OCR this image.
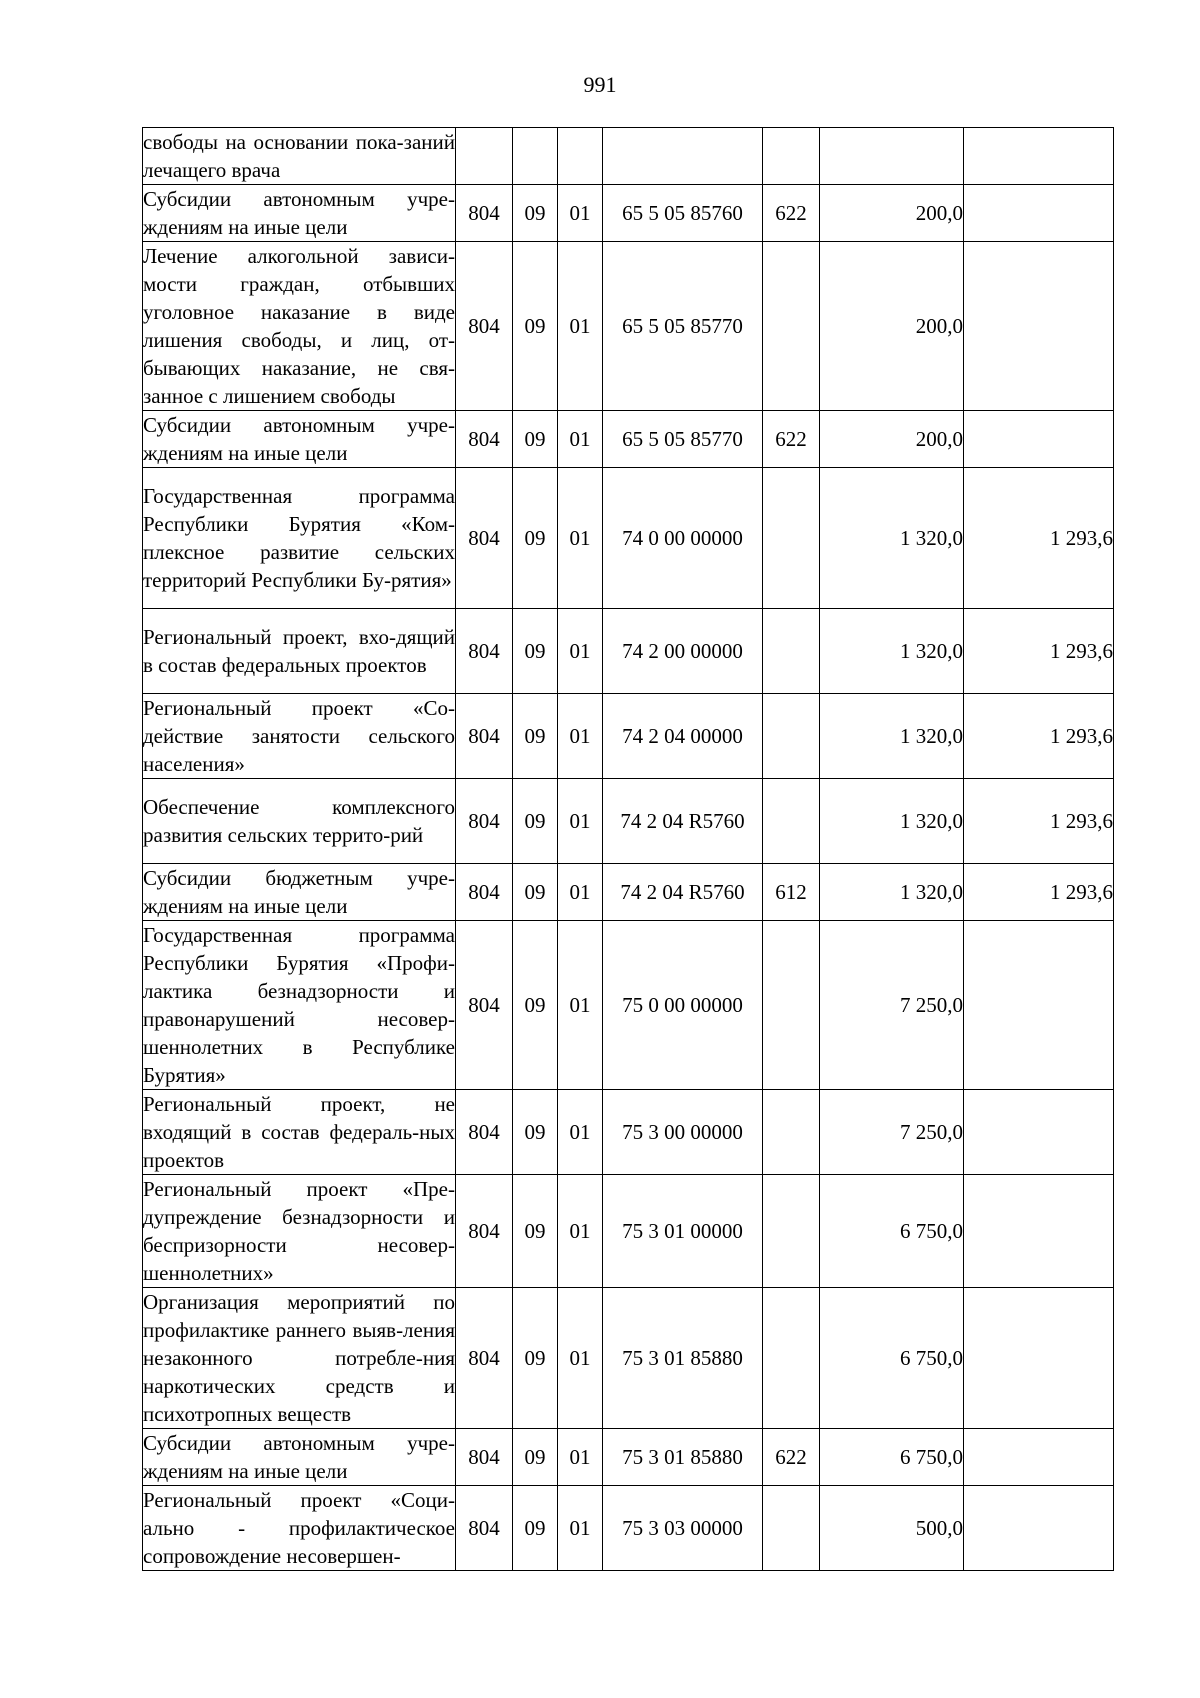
991
свободы на основании пока-заний лечащего врача							
Субсидии автономным учре-ждениям на иные цели	804	09	01	65 5 05 85760	622	200,0	
Лечение алкогольной зависи-мости граждан, отбывших уголовное наказание в виде лишения свободы, и лиц, от-бывающих наказание, не свя-занное с лишением свободы	804	09	01	65 5 05 85770		200,0	
Субсидии автономным учре-ждениям на иные цели	804	09	01	65 5 05 85770	622	200,0	
Государственная программа Республики Бурятия «Ком-плексное развитие сельских территорий Республики Бу-рятия»	804	09	01	74 0 00 00000		1 320,0	1 293,6
Региональный проект, вхо-дящий в состав федеральных проектов	804	09	01	74 2 00 00000		1 320,0	1 293,6
Региональный проект «Со-действие занятости сельского населения»	804	09	01	74 2 04 00000		1 320,0	1 293,6
Обеспечение комплексного развития сельских террито-рий	804	09	01	74 2 04 R5760		1 320,0	1 293,6
Субсидии бюджетным учре-ждениям на иные цели	804	09	01	74 2 04 R5760	612	1 320,0	1 293,6
Государственная программа Республики Бурятия «Профи-лактика безнадзорности и правонарушений несовер-шеннолетних в Республике Бурятия»	804	09	01	75 0 00 00000		7 250,0	
Региональный проект, не входящий в состав федераль-ных проектов	804	09	01	75 3 00 00000		7 250,0	
Региональный проект «Пре-дупреждение безнадзорности и беспризорности несовер-шеннолетних»	804	09	01	75 3 01 00000		6 750,0	
Организация мероприятий по профилактике раннего выяв-ления незаконного потребле-ния наркотических средств и психотропных веществ	804	09	01	75 3 01 85880		6 750,0	
Субсидии автономным учре-ждениям на иные цели	804	09	01	75 3 01 85880	622	6 750,0	
Региональный проект «Соци-ально - профилактическое сопровождение несовершен-	804	09	01	75 3 03 00000		500,0	
